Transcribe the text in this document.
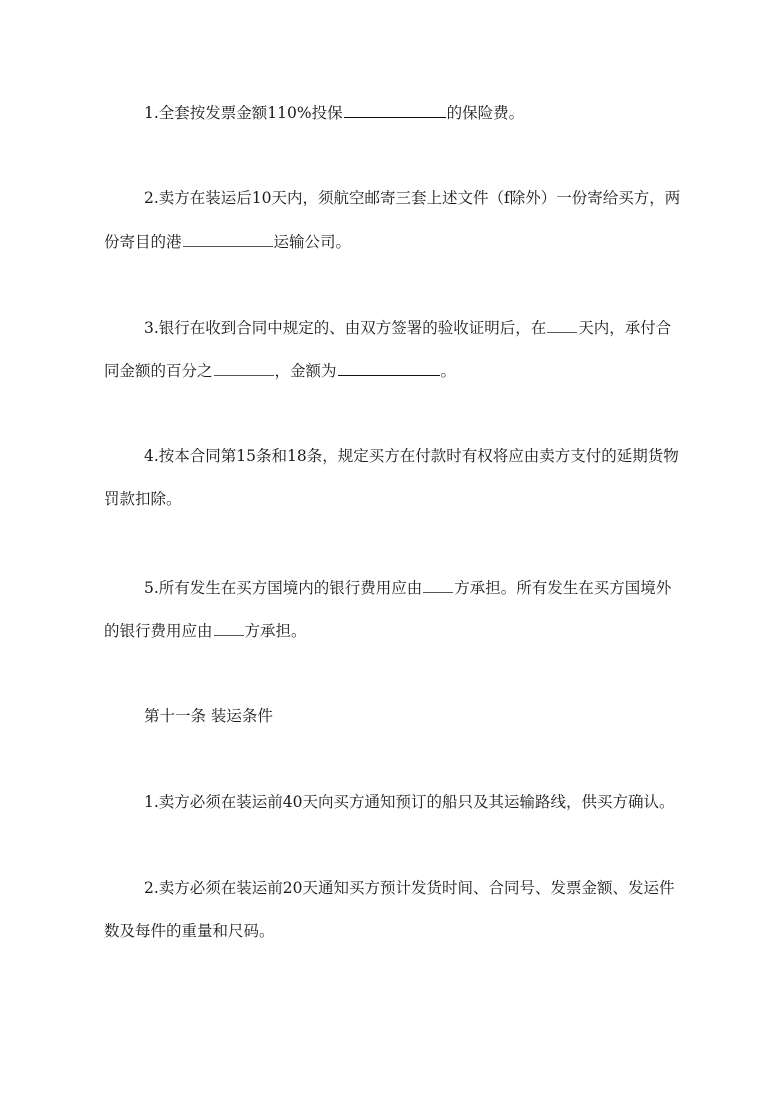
1.全套按发票金额110%投保	的保险费。
2.卖方在装运后10天内，须航空邮寄三套上述文件（f除外）一份寄给买方，两
份寄目的港	运输公司。
3.银行在收到合同中规定的、由双方签署的验收证明后，在 天内，承付合
同金额的百分之	，金额为	。
4.按本合同第15条和18条，规定买方在付款时有权将应由卖方支付的延期货物
罚款扣除。
5.所有发生在买方国境内的银行费用应由 方承担。所有发生在买方国境外
的银行费用应由 方承担。
第十一条 装运条件
1.卖方必须在装运前40天向买方通知预订的船只及其运输路线，供买方确认。
2.卖方必须在装运前20天通知买方预计发货时间、合同号、发票金额、发运件
数及每件的重量和尺码。
